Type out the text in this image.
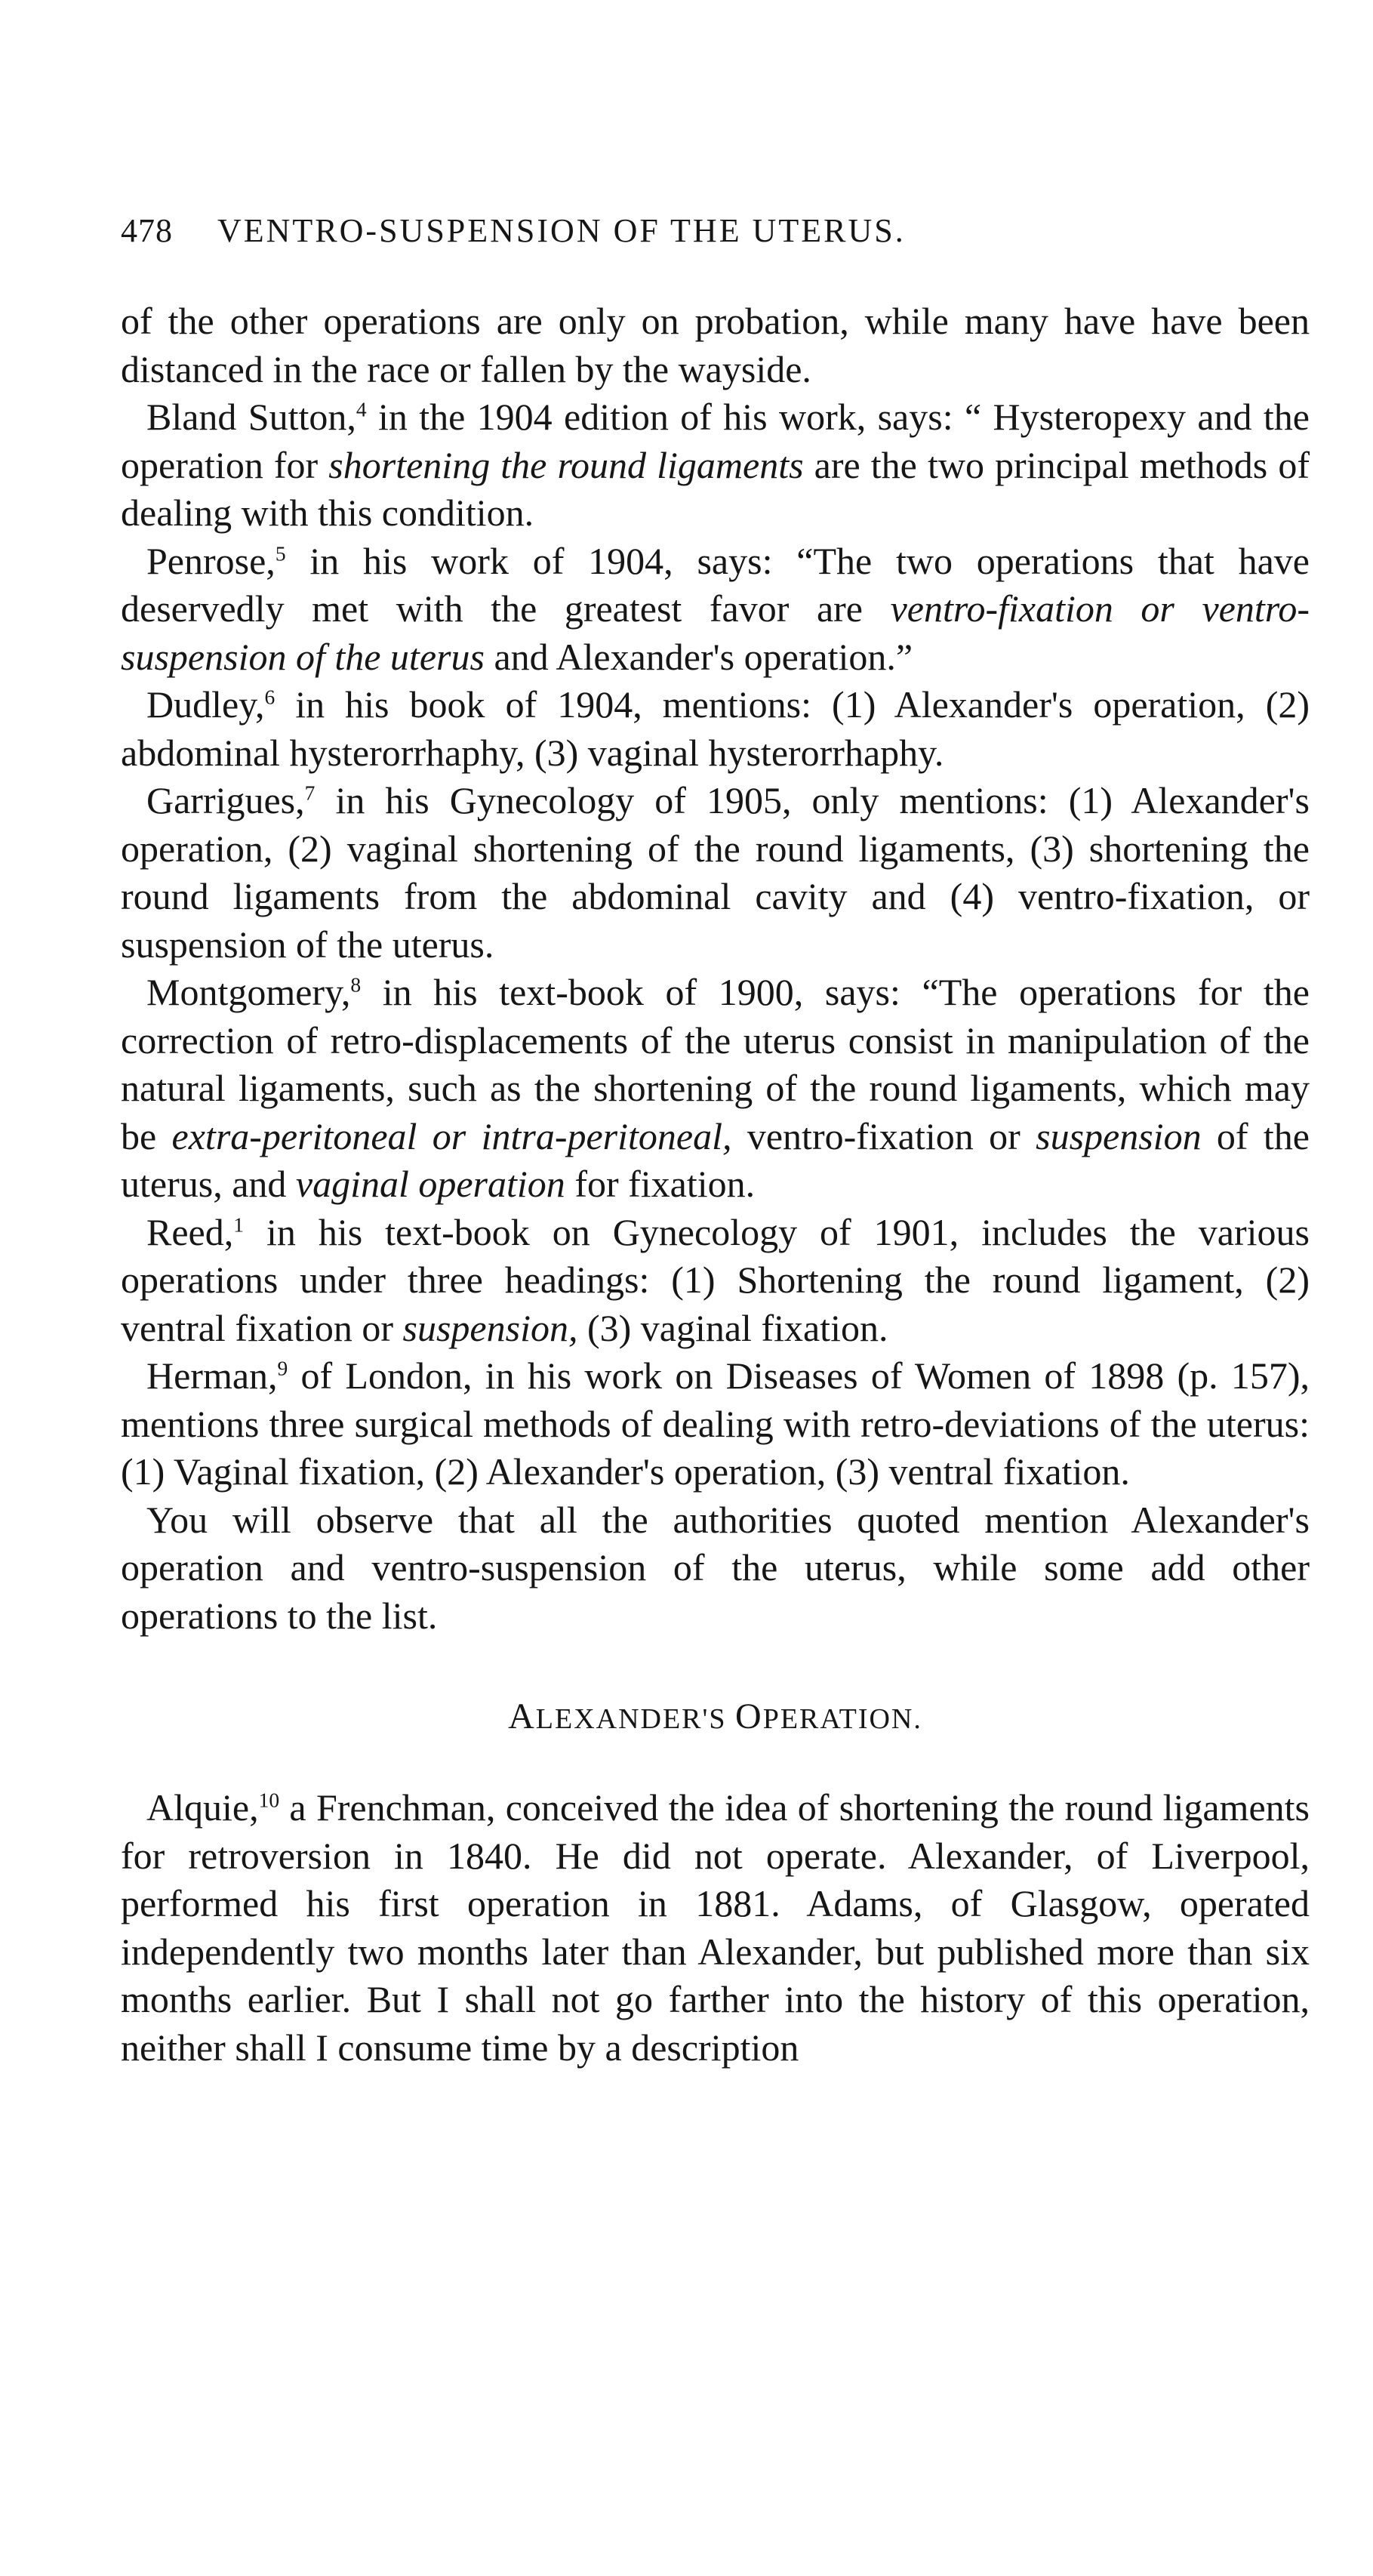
478	VENTRO-SUSPENSION OF THE UTERUS.

of the other operations are only on probation, while many have have been distanced in the race or fallen by the wayside.

Bland Sutton,$^4$ in the 1904 edition of his work, says: “ Hysteropexy and the operation for shortening the round ligaments are the two principal methods of dealing with this condition.

Penrose,$^5$ in his work of 1904, says: “The two operations that have deservedly met with the greatest favor are ventro-fixation or ventro-suspension of the uterus and Alexander's operation.”

Dudley,$^6$ in his book of 1904, mentions: (1) Alexander's operation, (2) abdominal hysterorrhaphy, (3) vaginal hysterorrhaphy.

Garrigues,$^7$ in his Gynecology of 1905, only mentions: (1) Alexander's operation, (2) vaginal shortening of the round ligaments, (3) shortening the round ligaments from the abdominal cavity and (4) ventro-fixation, or suspension of the uterus.

Montgomery,$^8$ in his text-book of 1900, says: “The operations for the correction of retro-displacements of the uterus consist in manipulation of the natural ligaments, such as the shortening of the round ligaments, which may be extra-peritoneal or intra-peritoneal, ventro-fixation or suspension of the uterus, and vaginal operation for fixation.

Reed,$^1$ in his text-book on Gynecology of 1901, includes the various operations under three headings: (1) Shortening the round ligament, (2) ventral fixation or suspension, (3) vaginal fixation.

Herman,$^9$ of London, in his work on Diseases of Women of 1898 (p. 157), mentions three surgical methods of dealing with retro-deviations of the uterus: (1) Vaginal fixation, (2) Alexander's operation, (3) ventral fixation.

You will observe that all the authorities quoted mention Alexander's operation and ventro-suspension of the uterus, while some add other operations to the list.

ALEXANDER'S OPERATION.

Alquie,$^{10}$ a Frenchman, conceived the idea of shortening the round ligaments for retroversion in 1840. He did not operate. Alexander, of Liverpool, performed his first operation in 1881. Adams, of Glasgow, operated independently two months later than Alexander, but published more than six months earlier. But I shall not go farther into the history of this operation, neither shall I consume time by a description
